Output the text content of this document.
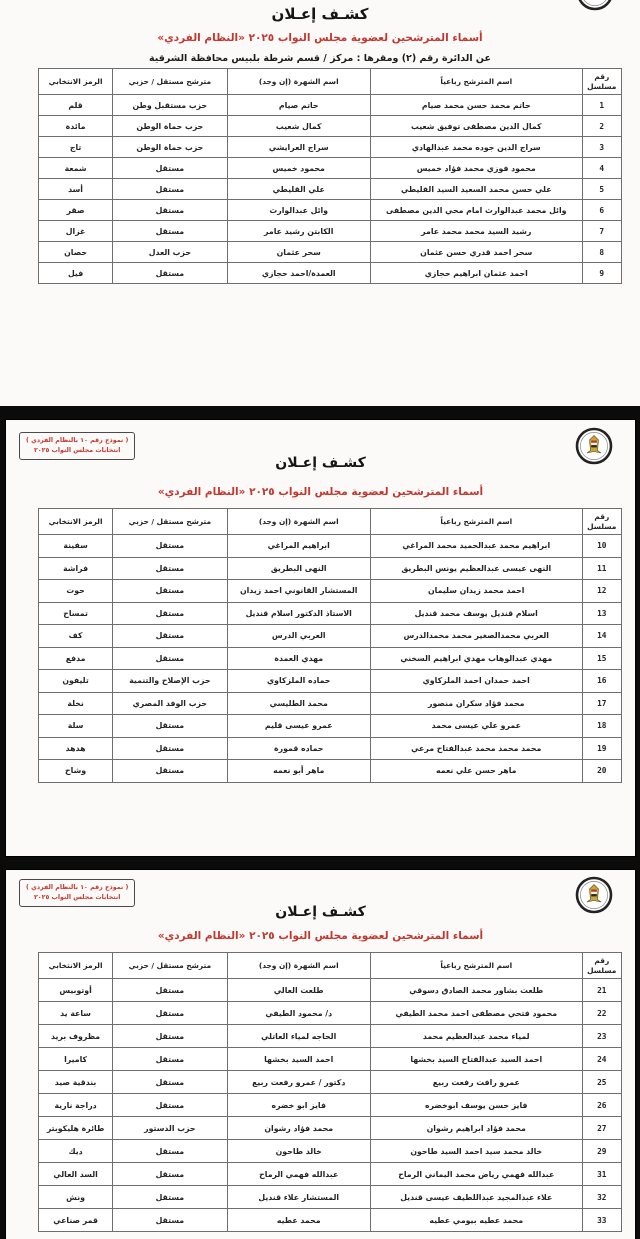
كشـف إعـلان
أسماء المترشحين لعضوية مجلس النواب ٢٠٢٥ «النظام الفردي»
عن الدائرة رقم (٢) ومقرها : مركز / قسم شرطة بلبيس محافظة الشرقية
رقم مسلسل	اسم المترشح رباعياً	اسم الشهرة (إن وجد)	مترشح مستقل / حزبي	الرمز الانتخابي
1	حاتم محمد حسن محمد صيام	حاتم صيام	حزب مستقبل وطن	قلم
2	كمال الدين مصطفى توفيق شعيب	كمال شعيب	حزب حماة الوطن	مائدة
3	سراج الدين جوده محمد عبدالهادي	سراج العرايشي	حزب حماة الوطن	تاج
4	محمود فوزي محمد فؤاد خميس	محمود خميس	مستقل	شمعة
5	علي حسن محمد السعيد السيد القليطي	علي القليطي	مستقل	أسد
6	وائل محمد عبدالوارث امام محي الدين مصطفى	وائل عبدالوارث	مستقل	صقر
7	رشيد السيد محمد محمد عامر	الكابتن رشيد عامر	مستقل	غزال
8	سحر احمد قدري حسن عثمان	سحر عثمان	حزب العدل	حصان
9	احمد عثمان ابراهيم حجازي	العمدة/احمد حجازي	مستقل	فيل
( نموذج رقم ١٠ بالنظام الفردي )
انتخابات مجلس النواب ٢٠٢٥
كشـف إعـلان
أسماء المترشحين لعضوية مجلس النواب ٢٠٢٥ «النظام الفردي»
رقم مسلسل	اسم المترشح رباعياً	اسم الشهرة (إن وجد)	مترشح مستقل / حزبي	الرمز الانتخابي
10	ابراهيم محمد عبدالحميد محمد المراغي	ابراهيم المراغي	مستقل	سفينة
11	النهى عيسى عبدالعظيم يونس البطريق	النهى البطريق	مستقل	فراشة
12	احمد محمد زيدان سليمان	المستشار القانوني احمد زيدان	مستقل	حوت
13	اسلام قنديل يوسف محمد قنديل	الاستاذ الدكتور اسلام قنديل	مستقل	تمساح
14	العربي محمدالصغير محمد محمدالدرس	العربي الدرس	مستقل	كف
15	مهدي عبدالوهاب مهدي ابراهيم السخني	مهدي العمدة	مستقل	مدفع
16	احمد حمدان احمد الملزكاوي	حماده الملزكاوي	حزب الإصلاح والتنمية	تليفون
17	محمد فؤاد سكران منصور	محمد الطليسي	حزب الوفد المصري	نخلة
18	عمرو علي عيسى محمد	عمرو عيسى قليم	مستقل	سلة
19	محمد محمد محمد عبدالفتاح مرعي	حماده قمورة	مستقل	هدهد
20	ماهر حسن علي نعمه	ماهر أبو نعمه	مستقل	وشاح
( نموذج رقم ١٠ بالنظام الفردي )
انتخابات مجلس النواب ٢٠٢٥
كشـف إعـلان
أسماء المترشحين لعضوية مجلس النواب ٢٠٢٥ «النظام الفردي»
رقم مسلسل	اسم المترشح رباعياً	اسم الشهرة (إن وجد)	مترشح مستقل / حزبي	الرمز الانتخابي
21	طلعت بشاور محمد الصادق دسوقي	طلعت العالي	مستقل	أوتوبيس
22	محمود فتحي مصطفى احمد محمد الطيفي	د/ محمود الطيفي	مستقل	ساعة يد
23	لمياء محمد عبدالعظيم محمد	الحاجه لمياء العاتلي	مستقل	مظروف بريد
24	احمد السيد عبدالفتاح السيد بخشها	احمد السيد بخشها	مستقل	كاميرا
25	عمرو رافت رفعت ربيع	دكتور / عمرو رفعت ربيع	مستقل	بندقية صيد
26	فايز حسن يوسف ابوخضره	فايز ابو خضره	مستقل	دراجة نارية
27	محمد فؤاد ابراهيم رشوان	محمد فؤاد رشوان	حزب الدستور	طائرة هليكوبتر
29	خالد محمد سيد احمد السيد طاحون	خالد طاحون	مستقل	ديك
31	عبدالله فهمي رياض محمد اليماني الرماح	عبدالله فهمي الرماح	مستقل	السد العالي
32	علاء عبدالمجيد عبداللطيف عيسى قنديل	المستشار علاء قنديل	مستقل	ونش
33	محمد عطيه بيومي عطيه	محمد عطيه	مستقل	قمر صناعي
